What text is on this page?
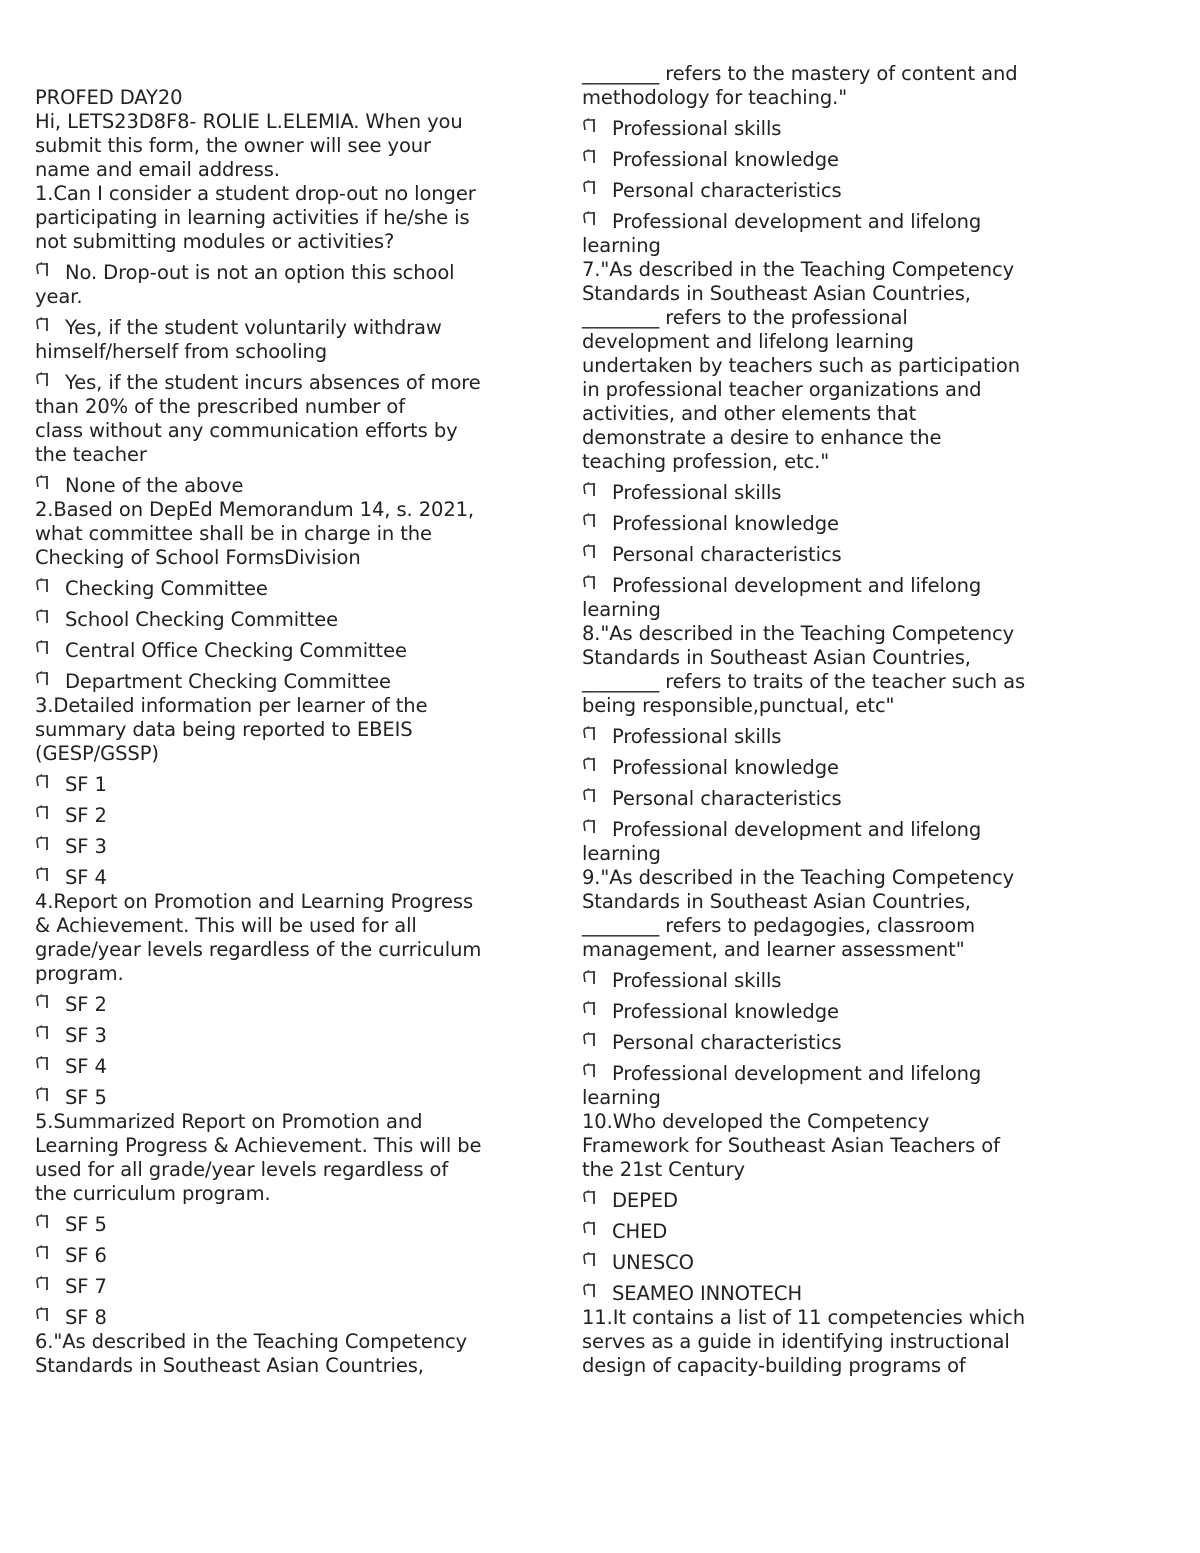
PROFED DAY20
Hi, LETS23D8F8- ROLIE L.ELEMIA. When you
submit this form, the owner will see your
name and email address.
1.Can I consider a student drop-out no longer
participating in learning activities if he/she is
not submitting modules or activities?
No. Drop-out is not an option this school
year.
Yes, if the student voluntarily withdraw
himself/herself from schooling
Yes, if the student incurs absences of more
than 20% of the prescribed number of
class without any communication efforts by
the teacher
None of the above
2.Based on DepEd Memorandum 14, s. 2021,
what committee shall be in charge in the
Checking of School FormsDivision
Checking Committee
School Checking Committee
Central Office Checking Committee
Department Checking Committee
3.Detailed information per learner of the
summary data being reported to EBEIS
(GESP/GSSP)
SF 1
SF 2
SF 3
SF 4
4.Report on Promotion and Learning Progress
& Achievement. This will be used for all
grade/year levels regardless of the curriculum
program.
SF 2
SF 3
SF 4
SF 5
5.Summarized Report on Promotion and
Learning Progress & Achievement. This will be
used for all grade/year levels regardless of
the curriculum program.
SF 5
SF 6
SF 7
SF 8
6."As described in the Teaching Competency
Standards in Southeast Asian Countries,
________ refers to the mastery of content and
methodology for teaching."
Professional skills
Professional knowledge
Personal characteristics
Professional development and lifelong
learning
7."As described in the Teaching Competency
Standards in Southeast Asian Countries,
________ refers to the professional
development and lifelong learning
undertaken by teachers such as participation
in professional teacher organizations and
activities, and other elements that
demonstrate a desire to enhance the
teaching profession, etc."
Professional skills
Professional knowledge
Personal characteristics
Professional development and lifelong
learning
8."As described in the Teaching Competency
Standards in Southeast Asian Countries,
________ refers to traits of the teacher such as
being responsible,punctual, etc"
Professional skills
Professional knowledge
Personal characteristics
Professional development and lifelong
learning
9."As described in the Teaching Competency
Standards in Southeast Asian Countries,
________ refers to pedagogies, classroom
management, and learner assessment"
Professional skills
Professional knowledge
Personal characteristics
Professional development and lifelong
learning
10.Who developed the Competency
Framework for Southeast Asian Teachers of
the 21st Century
DEPED
CHED
UNESCO
SEAMEO INNOTECH
11.It contains a list of 11 competencies which
serves as a guide in identifying instructional
design of capacity-building programs of
